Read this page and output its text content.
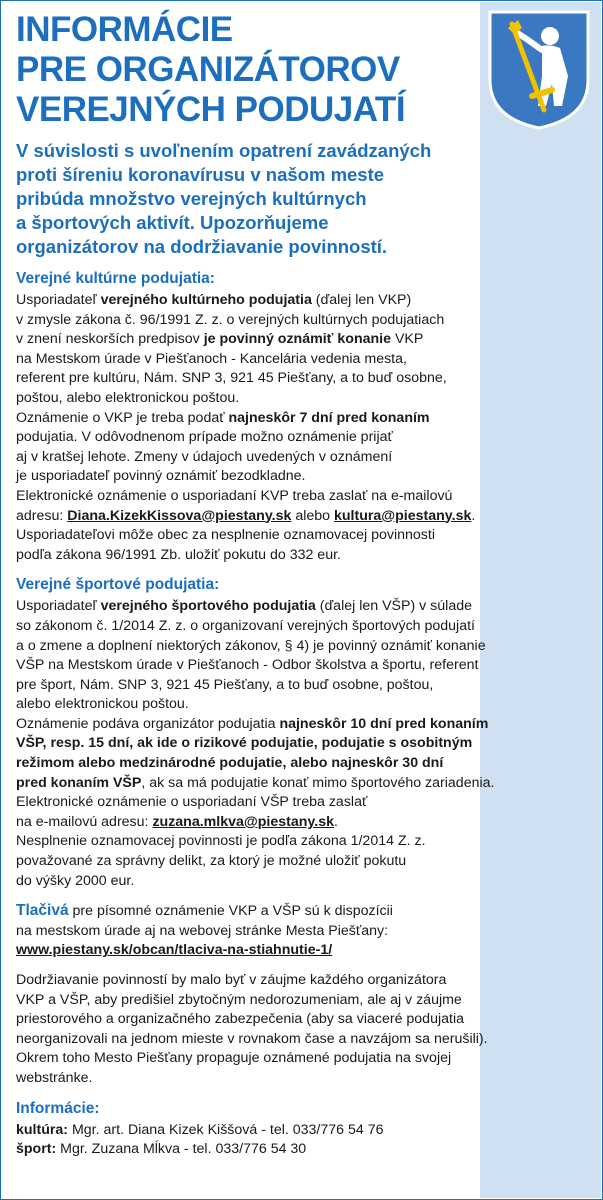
INFORMÁCIE
PRE ORGANIZÁTOROV
VEREJNÝCH PODUJATÍ
V súvislosti s uvoľnením opatrení zavádzaných
proti šíreniu koronavírusu v našom meste
pribúda množstvo verejných kultúrnych
a športových aktivít. Upozorňujeme
organizátorov na dodržiavanie povinností.
Verejné kultúrne podujatia:
Usporiadateľ verejného kultúrneho podujatia (ďalej len VKP)
v zmysle zákona č. 96/1991 Z. z. o verejných kultúrnych podujatiach
v znení neskorších predpisov je povinný oznámiť konanie VKP
na Mestskom úrade v Piešťanoch - Kancelária vedenia mesta,
referent pre kultúru, Nám. SNP 3, 921 45 Piešťany, a to buď osobne,
poštou, alebo elektronickou poštou.
Oznámenie o VKP je treba podať najneskôr 7 dní pred konaním
podujatia. V odôvodnenom prípade možno oznámenie prijať
aj v kratšej lehote. Zmeny v údajoch uvedených v oznámení
je usporiadateľ povinný oznámiť bezodkladne.
Elektronické oznámenie o usporiadaní KVP treba zaslať na e-mailovú
adresu: Diana.KizekKissova@piestany.sk alebo kultura@piestany.sk.
Usporiadateľovi môže obec za nesplnenie oznamovacej povinnosti
podľa zákona 96/1991 Zb. uložiť pokutu do 332 eur.
Verejné športové podujatia:
Usporiadateľ verejného športového podujatia (ďalej len VŠP) v súlade
so zákonom č. 1/2014 Z. z. o organizovaní verejných športových podujatí
a o zmene a doplnení niektorých zákonov, § 4) je povinný oznámiť konanie
VŠP na Mestskom úrade v Piešťanoch - Odbor školstva a športu, referent
pre šport, Nám. SNP 3, 921 45 Piešťany, a to buď osobne, poštou,
alebo elektronickou poštou.
Oznámenie podáva organizátor podujatia najneskôr 10 dní pred konaním
VŠP, resp. 15 dní, ak ide o rizikové podujatie, podujatie s osobitným
režimom alebo medzinárodné podujatie, alebo najneskôr 30 dní
pred konaním VŠP, ak sa má podujatie konať mimo športového zariadenia.
Elektronické oznámenie o usporiadaní VŠP treba zaslať
na e-mailovú adresu: zuzana.mlkva@piestany.sk.
Nesplnenie oznamovacej povinnosti je podľa zákona 1/2014 Z. z.
považované za správny delikt, za ktorý je možné uložiť pokutu
do výšky 2000 eur.
Tlačivá pre písomné oznámenie VKP a VŠP sú k dispozícii
na mestskom úrade aj na webovej stránke Mesta Piešťany:
www.piestany.sk/obcan/tlaciva-na-stiahnutie-1/
Dodržiavanie povinností by malo byť v záujme každého organizátora
VKP a VŠP, aby predišiel zbytočným nedorozumeniam, ale aj v záujme
priestorového a organizačného zabezpečenia (aby sa viaceré podujatia
neorganizovali na jednom mieste v rovnakom čase a navzájom sa nerušili).
Okrem toho Mesto Piešťany propaguje oznámené podujatia na svojej
webstránke.
Informácie:
kultúra: Mgr. art. Diana Kizek Kiššová - tel. 033/776 54 76
šport: Mgr. Zuzana Mĺkva - tel. 033/776 54 30
